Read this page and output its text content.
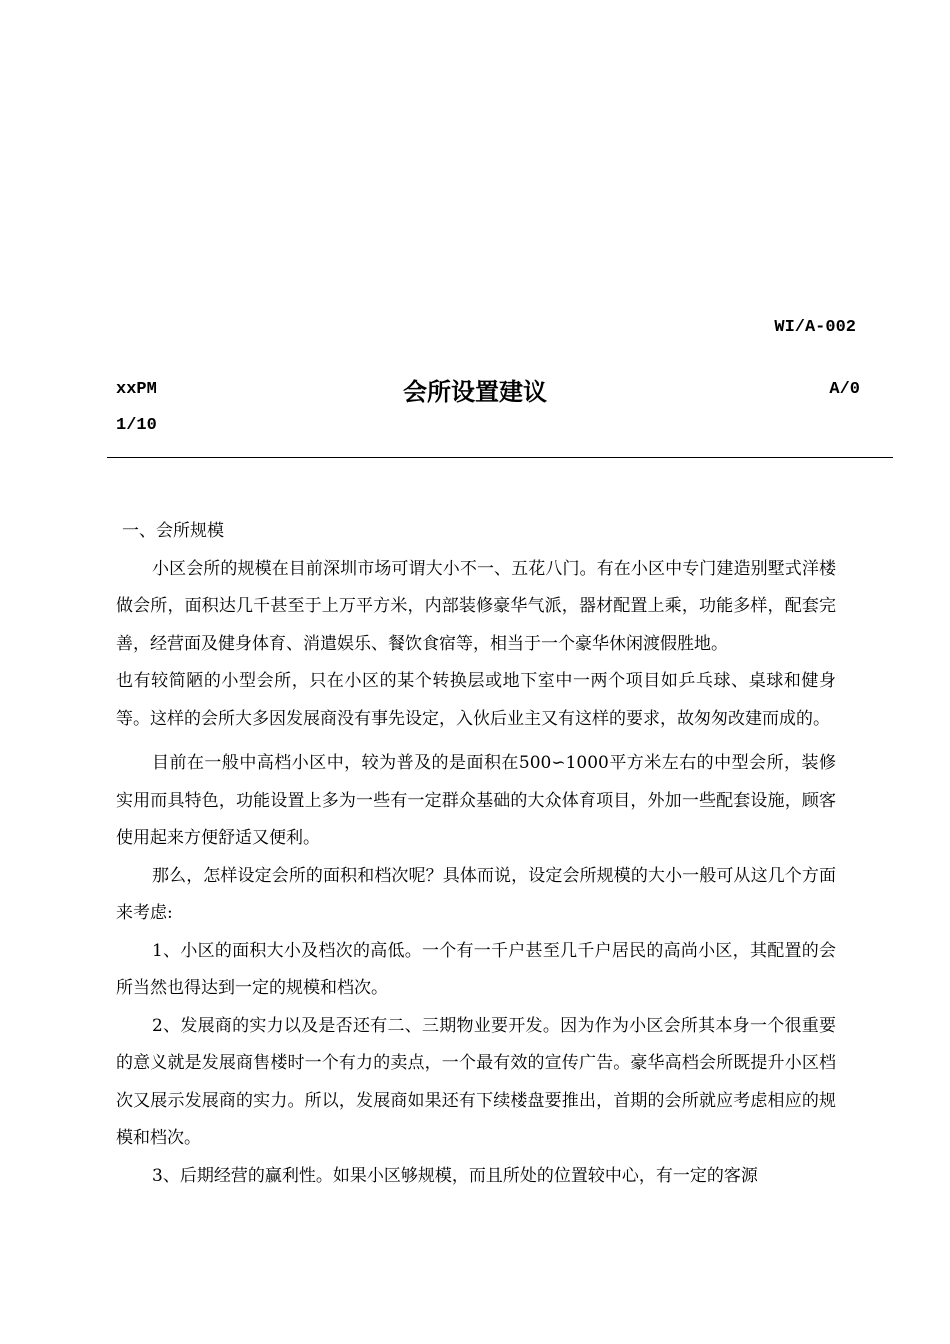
WI/A-002
xxPM	会所设置建议	A/0
1/10

一、会所规模

小区会所的规模在目前深圳市场可谓大小不一、五花八门。有在小区中专门建造别墅式洋楼做会所，面积达几千甚至于上万平方米，内部装修豪华气派，器材配置上乘，功能多样，配套完善，经营面及健身体育、消遣娱乐、餐饮食宿等，相当于一个豪华休闲渡假胜地。

也有较简陋的小型会所，只在小区的某个转换层或地下室中一两个项目如乒乓球、桌球和健身等。这样的会所大多因发展商没有事先设定，入伙后业主又有这样的要求，故匆匆改建而成的。

目前在一般中高档小区中，较为普及的是面积在500∽1000平方米左右的中型会所，装修实用而具特色，功能设置上多为一些有一定群众基础的大众体育项目，外加一些配套设施，顾客使用起来方便舒适又便利。

那么，怎样设定会所的面积和档次呢？具体而说，设定会所规模的大小一般可从这几个方面来考虑:

1、小区的面积大小及档次的高低。一个有一千户甚至几千户居民的高尚小区，其配置的会所当然也得达到一定的规模和档次。

2、发展商的实力以及是否还有二、三期物业要开发。因为作为小区会所其本身一个很重要的意义就是发展商售楼时一个有力的卖点，一个最有效的宣传广告。豪华高档会所既提升小区档次又展示发展商的实力。所以，发展商如果还有下续楼盘要推出，首期的会所就应考虑相应的规模和档次。

3、后期经营的赢利性。如果小区够规模，而且所处的位置较中心，有一定的客源
